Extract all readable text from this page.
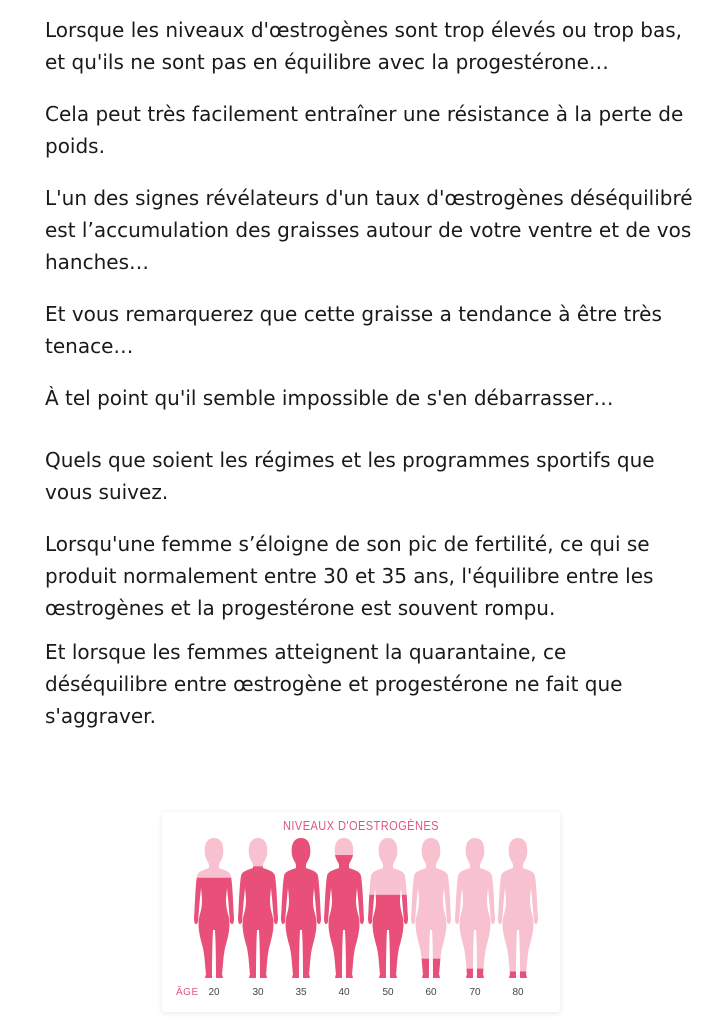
Lorsque les niveaux d'œstrogènes sont trop élevés ou trop bas, et qu'ils ne sont pas en équilibre avec la progestérone…

Cela peut très facilement entraîner une résistance à la perte de poids.

L'un des signes révélateurs d'un taux d'œstrogènes déséquilibré est l’accumulation des graisses autour de votre ventre et de vos hanches…

Et vous remarquerez que cette graisse a tendance à être très tenace…

À tel point qu'il semble impossible de s'en débarrasser…

Quels que soient les régimes et les programmes sportifs que vous suivez.

Lorsqu'une femme s’éloigne de son pic de fertilité, ce qui se produit normalement entre 30 et 35 ans, l'équilibre entre les œstrogènes et la progestérone est souvent rompu.

Et lorsque les femmes atteignent la quarantaine, ce déséquilibre entre œstrogène et progestérone ne fait que s'aggraver.

NIVEAUX D'OESTROGÈNES
ÂGE 20	30	35	40	50	60	70	80
